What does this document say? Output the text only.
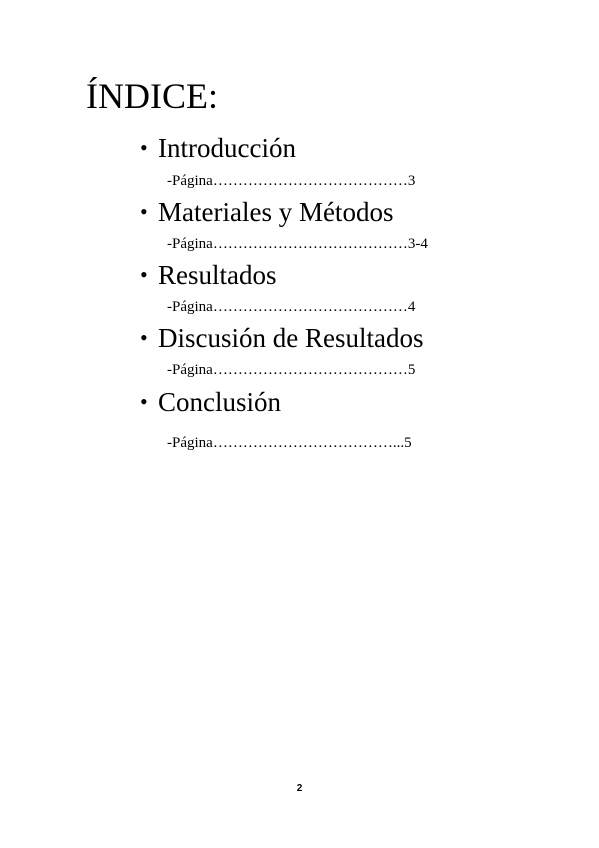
ÍNDICE:
• Introducción
-Página…………………………………3
• Materiales y Métodos
-Página…………………………………3-4
• Resultados
-Página…………………………………4
• Discusión de Resultados
-Página…………………………………5
• Conclusión
-Página………………………………...5
2
